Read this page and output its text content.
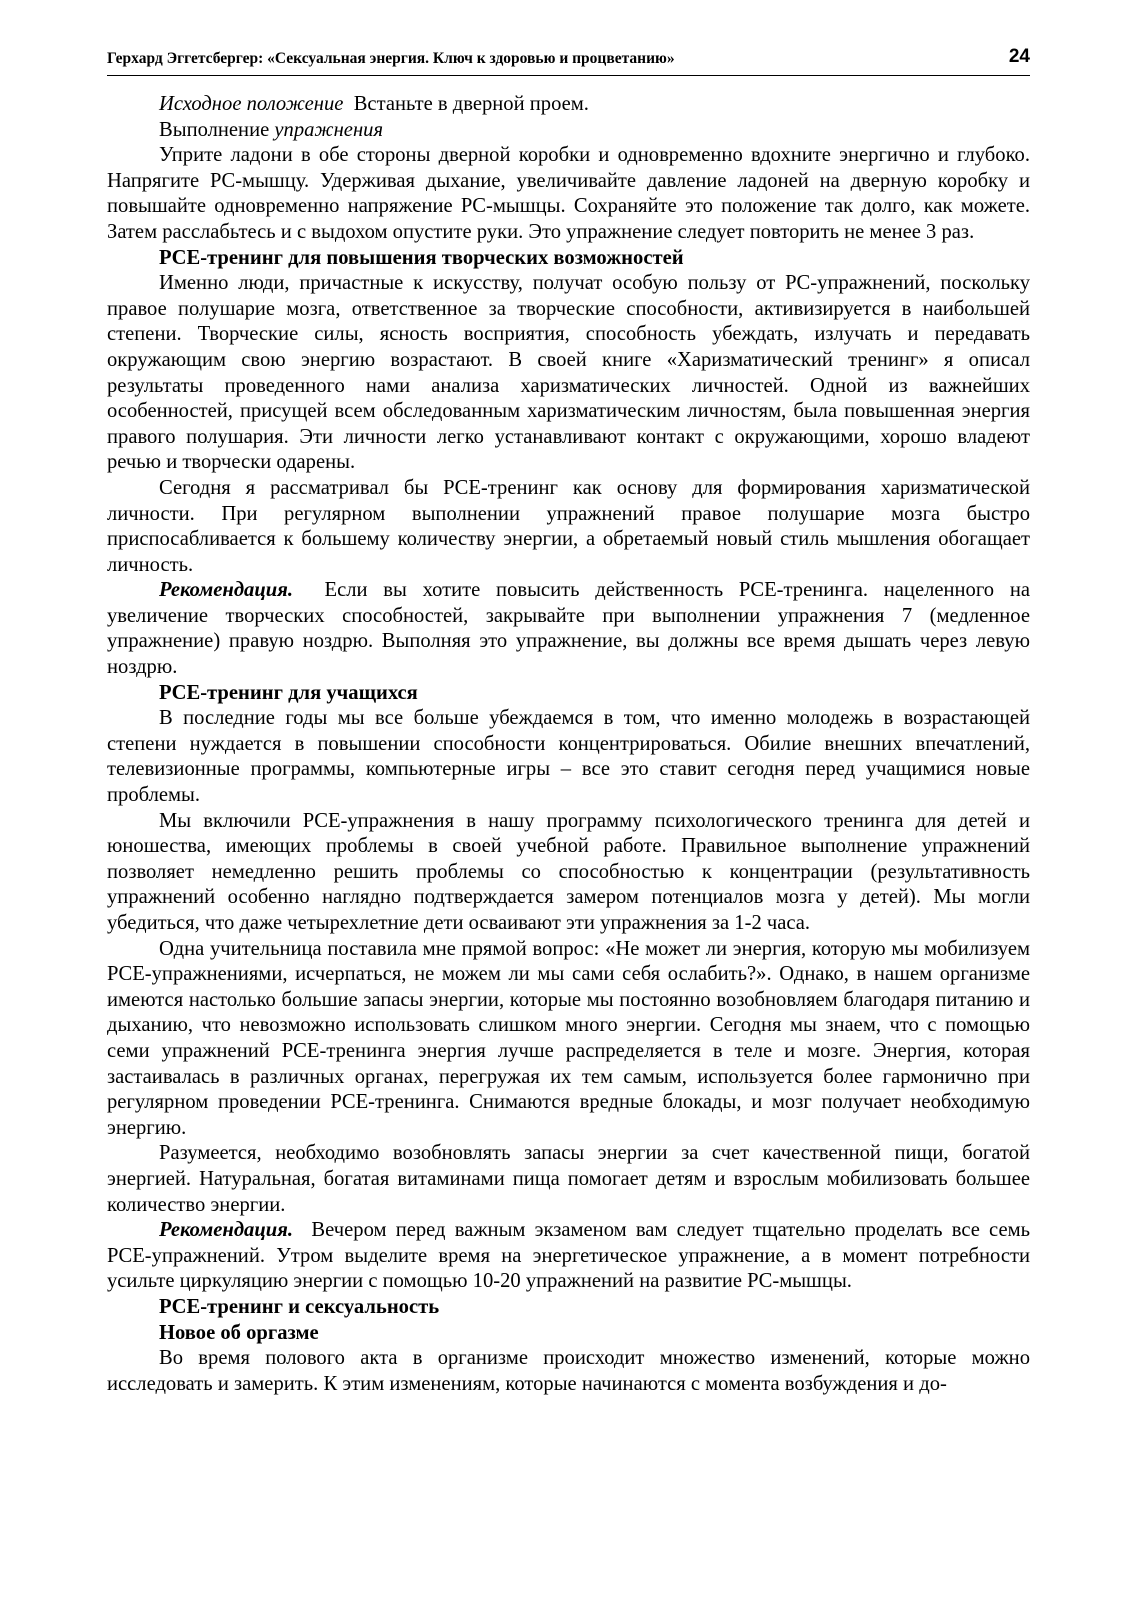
Герхард Эггетсбергер: «Сексуальная энергия. Ключ к здоровью и процветанию»	24

Исходное положение Встаньте в дверной проем.

Выполнение упражнения

Уприте ладони в обе стороны дверной коробки и одновременно вдохните энергично и глубоко. Напрягите PC-мышцу. Удерживая дыхание, увеличивайте давление ладоней на дверную коробку и повышайте одновременно напряжение PC-мышцы. Сохраняйте это положение так долго, как можете. Затем расслабьтесь и с выдохом опустите руки. Это упражнение следует повторить не менее 3 раз.

PCE-тренинг для повышения творческих возможностей

Именно люди, причастные к искусству, получат особую пользу от PC-упражнений, поскольку правое полушарие мозга, ответственное за творческие способности, активизируется в наибольшей степени. Творческие силы, ясность восприятия, способность убеждать, излучать и передавать окружающим свою энергию возрастают. В своей книге «Харизматический тренинг» я описал результаты проведенного нами анализа харизматических личностей. Одной из важнейших особенностей, присущей всем обследованным харизматическим личностям, была повышенная энергия правого полушария. Эти личности легко устанавливают контакт с окружающими, хорошо владеют речью и творчески одарены.

Сегодня я рассматривал бы PCE-тренинг как основу для формирования харизматической личности. При регулярном выполнении упражнений правое полушарие мозга быстро приспосабливается к большему количеству энергии, а обретаемый новый стиль мышления обогащает личность.

Рекомендация. Если вы хотите повысить действенность PCE-тренинга. нацеленного на увеличение творческих способностей, закрывайте при выполнении упражнения 7 (медленное упражнение) правую ноздрю. Выполняя это упражнение, вы должны все время дышать через левую ноздрю.

PCE-тренинг для учащихся

В последние годы мы все больше убеждаемся в том, что именно молодежь в возрастающей степени нуждается в повышении способности концентрироваться. Обилие внешних впечатлений, телевизионные программы, компьютерные игры – все это ставит сегодня перед учащимися новые проблемы.

Мы включили PCE-упражнения в нашу программу психологического тренинга для детей и юношества, имеющих проблемы в своей учебной работе. Правильное выполнение упражнений позволяет немедленно решить проблемы со способностью к концентрации (результативность упражнений особенно наглядно подтверждается замером потенциалов мозга у детей). Мы могли убедиться, что даже четырехлетние дети осваивают эти упражнения за 1-2 часа.

Одна учительница поставила мне прямой вопрос: «Не может ли энергия, которую мы мобилизуем PCE-упражнениями, исчерпаться, не можем ли мы сами себя ослабить?». Однако, в нашем организме имеются настолько большие запасы энергии, которые мы постоянно возобновляем благодаря питанию и дыханию, что невозможно использовать слишком много энергии. Сегодня мы знаем, что с помощью семи упражнений PCE-тренинга энергия лучше распределяется в теле и мозге. Энергия, которая застаивалась в различных органах, перегружая их тем самым, используется более гармонично при регулярном проведении PCE-тренинга. Снимаются вредные блокады, и мозг получает необходимую энергию.

Разумеется, необходимо возобновлять запасы энергии за счет качественной пищи, богатой энергией. Натуральная, богатая витаминами пища помогает детям и взрослым мобилизовать большее количество энергии.

Рекомендация. Вечером перед важным экзаменом вам следует тщательно проделать все семь PCE-упражнений. Утром выделите время на энергетическое упражнение, а в момент потребности усильте циркуляцию энергии с помощью 10-20 упражнений на развитие PC-мышцы.

PCE-тренинг и сексуальность
Новое об оргазме

Во время полового акта в организме происходит множество изменений, которые можно исследовать и замерить. К этим изменениям, которые начинаются с момента возбуждения и до-
